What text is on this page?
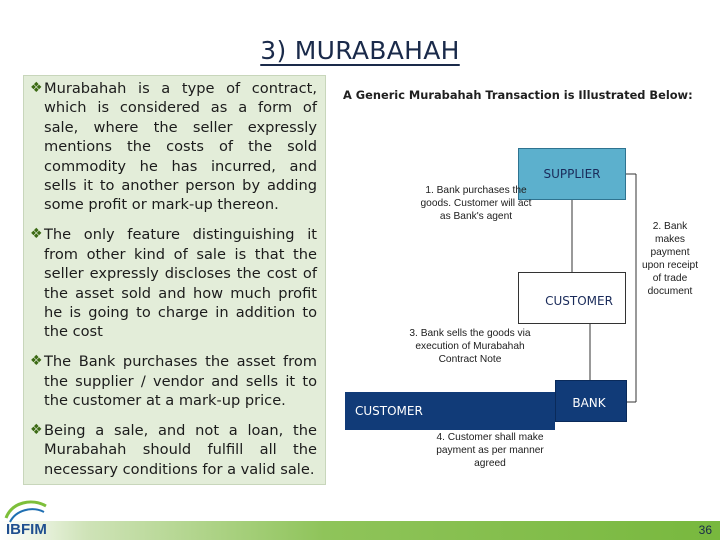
3) MURABAHAH
❖ Murabahah is a type of contract, which is considered as a form of sale, where the seller expressly mentions the costs of the sold commodity he has incurred, and sells it to another person by adding some profit or mark-up thereon.
❖ The only feature distinguishing it from other kind of sale is that the seller expressly discloses the cost of the asset sold and how much profit he is going to charge in addition to the cost
❖ The Bank purchases the asset from the supplier / vendor and sells it to the customer at a mark-up price.
❖ Being a sale, and not a loan, the Murabahah should fulfill all the necessary conditions for a valid sale.
A Generic Murabahah Transaction is Illustrated Below:
SUPPLIER
CUSTOMER
CUSTOMER
BANK
1. Bank purchases the goods. Customer will act as Bank's agent
2. Bank makes payment upon receipt of trade document
3. Bank sells the goods via execution of Murabahah Contract Note
4. Customer shall make payment as per manner agreed
36
IBFIM
